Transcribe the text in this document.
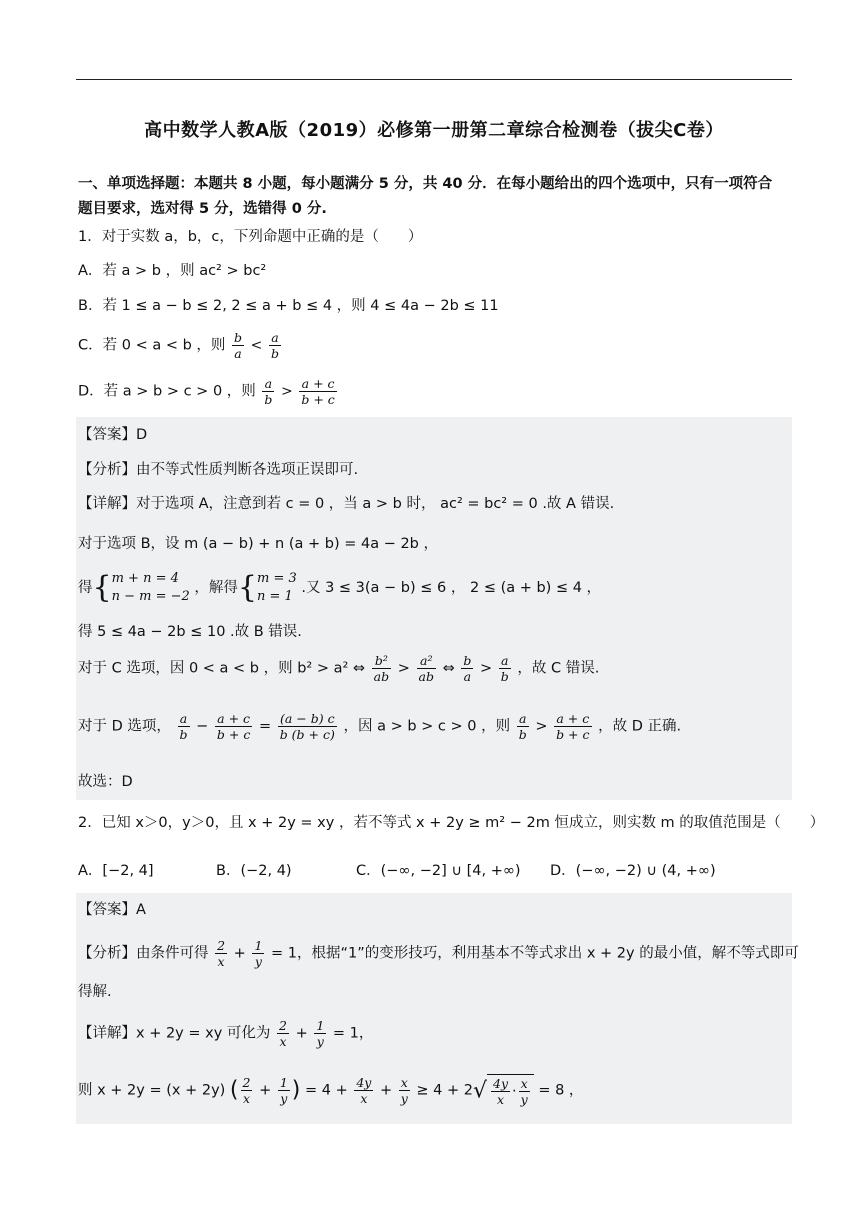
高中数学人教A版（2019）必修第一册第二章综合检测卷（拔尖C卷）
一、单项选择题：本题共 8 小题，每小题满分 5 分，共 40 分．在每小题给出的四个选项中，只有一项符合
题目要求，选对得 5 分，选错得 0 分.
1．对于实数 a，b，c，下列命题中正确的是（　　）
A．若 a > b ，则 ac² > bc²
B．若 1 ≤ a − b ≤ 2, 2 ≤ a + b ≤ 4 ，则 4 ≤ 4a − 2b ≤ 11
C．若 0 < a < b ，则 $\frac{b}{a} < \frac{a}{b}$
D．若 a > b > c > 0 ，则 $\frac{a}{b} > \frac{a + c}{b + c}$
【答案】D
【分析】由不等式性质判断各选项正误即可.
【详解】对于选项 A，注意到若 c = 0 ，当 a > b 时， ac² = bc² = 0 .故 A 错误.
对于选项 B，设 m (a − b) + n (a + b) = 4a − 2b ，
得{ m + n = 4
n − m = −2
，解得{ m = 3
n = 1
.又 3 ≤ 3(a − b) ≤ 6 ， 2 ≤ (a + b) ≤ 4 ，
得 5 ≤ 4a − 2b ≤ 10 .故 B 错误.
对于 C 选项，因 0 < a < b ，则 b² > a² ⇔ $\frac{\text{b²}}{ab} > \frac{\text{a²}}{ab}$ ⇔ $\frac{b}{a} > \frac{a}{b}$ ，故 C 错误.
对于 D 选项， $\frac{a}{b} - \frac{a + c}{b + c} = \frac{(a - b) c}{b (b + c)}$ ，因 a > b > c > 0 ，则 $\frac{a}{b} > \frac{a + c}{b + c}$ ，故 D 正确.
故选：D
2．已知 x＞0，y＞0，且 x + 2y = xy ，若不等式 x + 2y ≥ m² − 2m 恒成立，则实数 m 的取值范围是（　　）
A．[−2, 4]	B．(−2, 4)	C．(−∞, −2] ∪ [4, +∞) D．(−∞, −2) ∪ (4, +∞)
【答案】A
【分析】由条件可得 $\frac{2}{x} + \frac{1}{y} = 1$，根据“1”的变形技巧，利用基本不等式求出 x + 2y 的最小值，解不等式即可
得解.
【详解】x + 2y = xy 可化为 $\frac{2}{x} + \frac{1}{y} = 1$，
则 x + 2y = (x + 2y) ( $\frac{2}{x} + \frac{1}{y}$ ) = $4 + \frac{4y}{x} + \frac{x}{y} \ge 4 + 2√ \frac{4y}{x} \cdot \frac{x}{y} = 8$ ，
